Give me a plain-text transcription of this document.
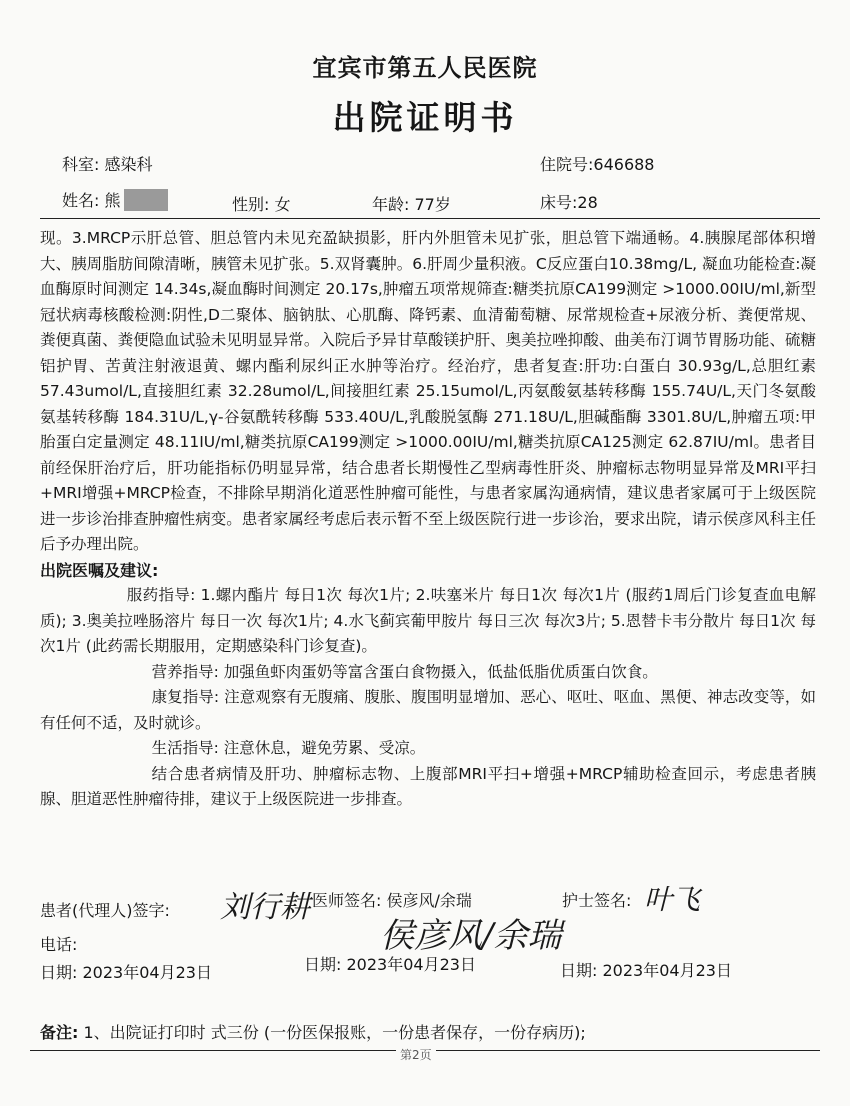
宜宾市第五人民医院
出院证明书
科室: 感染科	住院号:646688
姓名: 熊	性别: 女	年龄: 77岁	床号:28

现。3.MRCP示肝总管、胆总管内未见充盈缺损影，肝内外胆管未见扩张，胆总管下端通畅。4.胰腺尾部体积增大、胰周脂肪间隙清晰，胰管未见扩张。5.双肾囊肿。6.肝周少量积液。C反应蛋白10.38mg/L, 凝血功能检查:凝血酶原时间测定 14.34s,凝血酶时间测定 20.17s,肿瘤五项常规筛查:糖类抗原CA199测定 >1000.00IU/ml,新型冠状病毒核酸检测:阴性,D二聚体、脑钠肽、心肌酶、降钙素、血清葡萄糖、尿常规检查+尿液分析、粪便常规、粪便真菌、粪便隐血试验未见明显异常。入院后予异甘草酸镁护肝、奥美拉唑抑酸、曲美布汀调节胃肠功能、硫糖铝护胃、苦黄注射液退黄、螺内酯利尿纠正水肿等治疗。经治疗，患者复查:肝功:白蛋白 30.93g/L,总胆红素 57.43umol/L,直接胆红素 32.28umol/L,间接胆红素 25.15umol/L,丙氨酸氨基转移酶 155.74U/L,天门冬氨酸氨基转移酶 184.31U/L,γ-谷氨酰转移酶 533.40U/L,乳酸脱氢酶 271.18U/L,胆碱酯酶 3301.8U/L,肿瘤五项:甲胎蛋白定量测定 48.11IU/ml,糖类抗原CA199测定 >1000.00IU/ml,糖类抗原CA125测定 62.87IU/ml。患者目前经保肝治疗后，肝功能指标仍明显异常，结合患者长期慢性乙型病毒性肝炎、肿瘤标志物明显异常及MRI平扫+MRI增强+MRCP检查，不排除早期消化道恶性肿瘤可能性，与患者家属沟通病情，建议患者家属可于上级医院进一步诊治排查肿瘤性病变。患者家属经考虑后表示暂不至上级医院行进一步诊治，要求出院，请示侯彦风科主任后予办理出院。

出院医嘱及建议:

服药指导: 1.螺内酯片 每日1次 每次1片; 2.呋塞米片 每日1次 每次1片 (服药1周后门诊复查血电解质); 3.奥美拉唑肠溶片 每日一次 每次1片; 4.水飞蓟宾葡甲胺片 每日三次 每次3片; 5.恩替卡韦分散片 每日1次 每次1片 (此药需长期服用，定期感染科门诊复查)。

营养指导: 加强鱼虾肉蛋奶等富含蛋白食物摄入，低盐低脂优质蛋白饮食。

康复指导: 注意观察有无腹痛、腹胀、腹围明显增加、恶心、呕吐、呕血、黑便、神志改变等，如有任何不适，及时就诊。

生活指导: 注意休息，避免劳累、受凉。

结合患者病情及肝功、肿瘤标志物、上腹部MRI平扫+增强+MRCP辅助检查回示，考虑患者胰腺、胆道恶性肿瘤待排，建议于上级医院进一步排查。

患者(代理人)签字: 刘行耕 医师签名: 侯彦风/余瑞	护士签名: 叶飞
电话:	侯彦风/余瑞
日期: 2023年04月23日	日期: 2023年04月23日	日期: 2023年04月23日
备注: 1、出院证打印时 式三份 (一份医保报账，一份患者保存，一份存病历);
第2页
